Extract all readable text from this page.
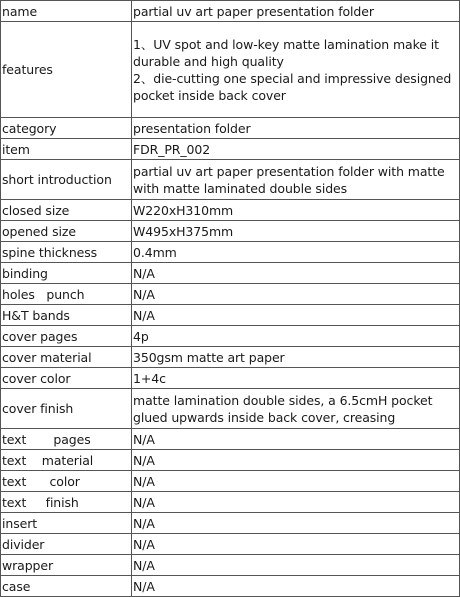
name	partial uv art paper presentation folder
features	1、UV spot and low-key matte lamination make it durable and high quality
2、die-cutting one special and impressive designed pocket inside back cover
category	presentation folder
item	FDR_PR_002
short introduction	partial uv art paper presentation folder with matte with matte laminated double sides
closed size	W220xH310mm
opened size	W495xH375mm
spine thickness	0.4mm
binding	N/A
holes   punch	N/A
H&T bands	N/A
cover pages	4p
cover material	350gsm matte art paper
cover color	1+4c
cover finish	matte lamination double sides, a 6.5cmH pocket glued upwards inside back cover, creasing
text       pages	N/A
text    material	N/A
text      color	N/A
text     finish	N/A
insert	N/A
divider	N/A
wrapper	N/A
case	N/A
